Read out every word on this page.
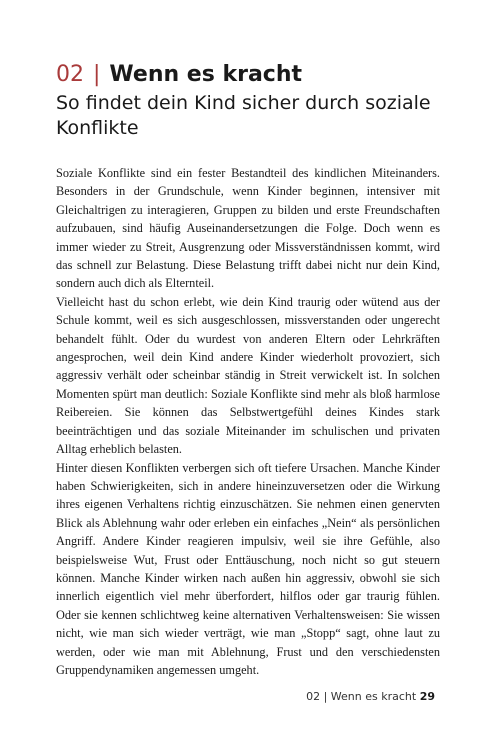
02 | Wenn es kracht
So findet dein Kind sicher durch soziale Konflikte

Soziale Konflikte sind ein fester Bestandteil des kindlichen Miteinanders. Besonders in der Grundschule, wenn Kinder beginnen, intensiver mit Gleichaltrigen zu interagieren, Gruppen zu bilden und erste Freundschaften aufzubauen, sind häufig Auseinandersetzungen die Folge. Doch wenn es immer wieder zu Streit, Ausgrenzung oder Missverständnissen kommt, wird das schnell zur Belastung. Diese Belastung trifft dabei nicht nur dein Kind, sondern auch dich als Elternteil.

Vielleicht hast du schon erlebt, wie dein Kind traurig oder wütend aus der Schule kommt, weil es sich ausgeschlossen, missverstanden oder ungerecht behandelt fühlt. Oder du wurdest von anderen Eltern oder Lehrkräften angesprochen, weil dein Kind andere Kinder wiederholt provoziert, sich aggressiv verhält oder scheinbar ständig in Streit verwickelt ist. In solchen Momenten spürt man deutlich: Soziale Konflikte sind mehr als bloß harmlose Reibereien. Sie können das Selbstwertgefühl deines Kindes stark beeinträchtigen und das soziale Miteinander im schulischen und privaten Alltag erheblich belasten.

Hinter diesen Konflikten verbergen sich oft tiefere Ursachen. Manche Kinder haben Schwierigkeiten, sich in andere hineinzuversetzen oder die Wirkung ihres eigenen Verhaltens richtig einzuschätzen. Sie nehmen einen genervten Blick als Ablehnung wahr oder erleben ein einfaches „Nein“ als persönlichen Angriff. Andere Kinder reagieren impulsiv, weil sie ihre Gefühle, also beispielsweise Wut, Frust oder Enttäuschung, noch nicht so gut steuern können. Manche Kinder wirken nach außen hin aggressiv, obwohl sie sich innerlich eigentlich viel mehr überfordert, hilflos oder gar traurig fühlen. Oder sie kennen schlichtweg keine alternativen Verhaltensweisen: Sie wissen nicht, wie man sich wieder verträgt, wie man „Stopp“ sagt, ohne laut zu werden, oder wie man mit Ablehnung, Frust und den verschiedensten Gruppendynamiken angemessen umgeht.

02 | Wenn es kracht 29
